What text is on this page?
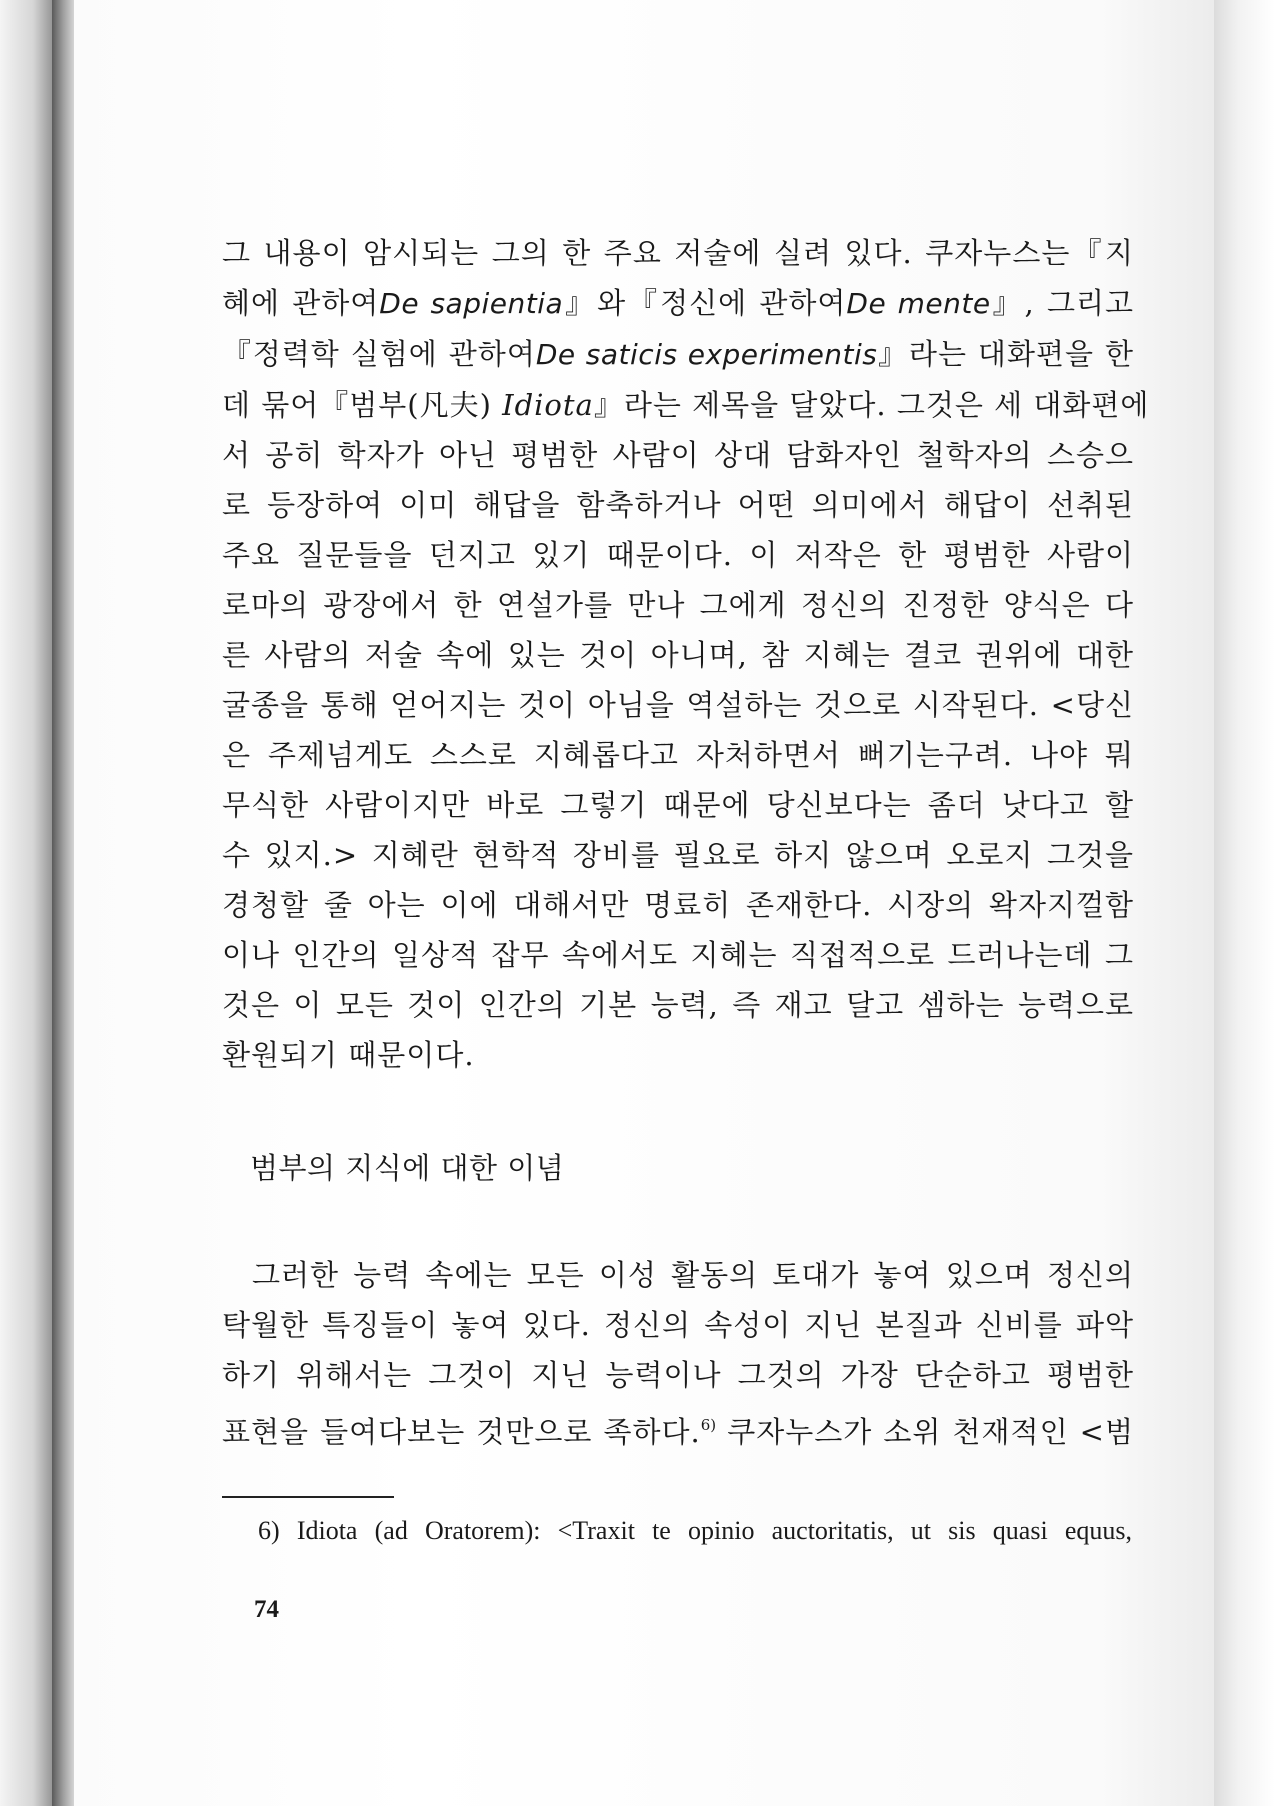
그 내용이 암시되는 그의 한 주요 저술에 실려 있다. 쿠자누스는『지
혜에 관하여De sapientia』와『정신에 관하여De mente』, 그리고
『정력학 실험에 관하여De saticis experimentis』라는 대화편을 한
데 묶어『범부(凡夫) Idiota』라는 제목을 달았다. 그것은 세 대화편에
서 공히 학자가 아닌 평범한 사람이 상대 담화자인 철학자의 스승으
로 등장하여 이미 해답을 함축하거나 어떤 의미에서 해답이 선취된
주요 질문들을 던지고 있기 때문이다. 이 저작은 한 평범한 사람이
로마의 광장에서 한 연설가를 만나 그에게 정신의 진정한 양식은 다
른 사람의 저술 속에 있는 것이 아니며, 참 지혜는 결코 권위에 대한
굴종을 통해 얻어지는 것이 아님을 역설하는 것으로 시작된다. <당신
은 주제넘게도 스스로 지혜롭다고 자처하면서 뻐기는구려. 나야 뭐
무식한 사람이지만 바로 그렇기 때문에 당신보다는 좀더 낫다고 할
수 있지.> 지혜란 현학적 장비를 필요로 하지 않으며 오로지 그것을
경청할 줄 아는 이에 대해서만 명료히 존재한다. 시장의 왁자지껄함
이나 인간의 일상적 잡무 속에서도 지혜는 직접적으로 드러나는데 그
것은 이 모든 것이 인간의 기본 능력, 즉 재고 달고 셈하는 능력으로
환원되기 때문이다.
범부의 지식에 대한 이념
그러한 능력 속에는 모든 이성 활동의 토대가 놓여 있으며 정신의
탁월한 특징들이 놓여 있다. 정신의 속성이 지닌 본질과 신비를 파악
하기 위해서는 그것이 지닌 능력이나 그것의 가장 단순하고 평범한
표현을 들여다보는 것만으로 족하다.$^{6)}$ 쿠자누스가 소위 천재적인 <범
6) Idiota (ad Oratorem): <Traxit te opinio auctoritatis, ut sis quasi equus,
74
